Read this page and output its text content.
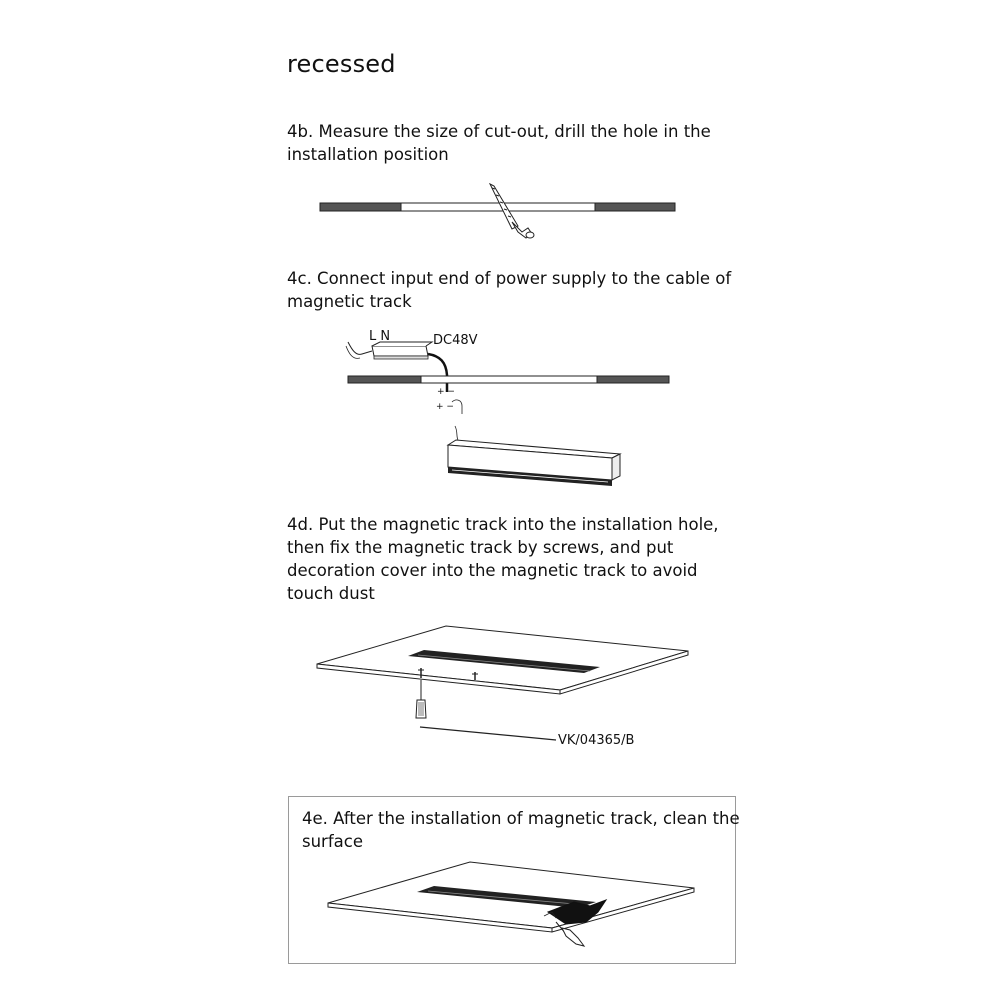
recessed
4b. Measure the size of cut-out, drill the hole in the installation position
4c. Connect input end of power supply to the cable of magnetic track
4d. Put the magnetic track into the installation hole, then fix the magnetic track by screws, and put decoration cover into the magnetic track to avoid touch dust
4e. After the installation of magnetic track, clean the surface
L N	DC48V
+ −
+ −
VK/04365/B
